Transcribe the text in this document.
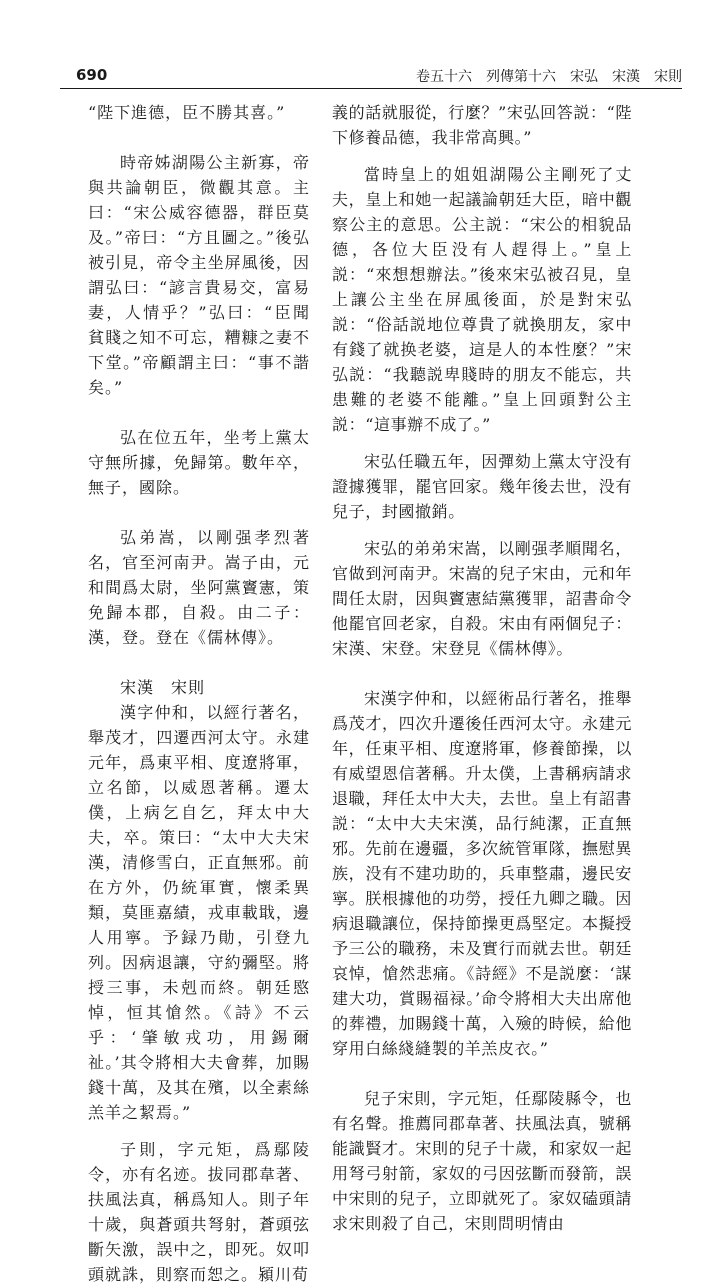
690	卷五十六　列傳第十六　宋弘　宋漢　宋則

“陛下進德，臣不勝其喜。”

時帝姊湖陽公主新寡，帝與共論朝臣，微觀其意。主曰：“宋公威容德器，群臣莫及。”帝曰：“方且圖之。”後弘被引見，帝令主坐屏風後，因謂弘曰：“諺言貴易交，富易妻，人情乎？”弘曰：“臣聞貧賤之知不可忘，糟糠之妻不下堂。”帝顧謂主曰：“事不諧矣。”

弘在位五年，坐考上黨太守無所據，免歸第。數年卒，無子，國除。

弘弟嵩，以剛强孝烈著名，官至河南尹。嵩子由，元和間爲太尉，坐阿黨竇憲，策免歸本郡，自殺。由二子：漢，登。登在《儒林傳》。

宋漢　宋則

漢字仲和，以經行著名，舉茂才，四遷西河太守。永建元年，爲東平相、度遼將軍，立名節，以威恩著稱。遷太僕，上病乞自乞，拜太中大夫，卒。策曰：“太中大夫宋漢，清修雪白，正直無邪。前在方外，仍統軍實，懷柔異類，莫匪嘉績，戎車載戢，邊人用寧。予録乃勛，引登九列。因病退讓，守約彌堅。將授三事，未剋而終。朝廷愍悼，恒其愴然。《詩》不云乎：‘肇敏戎功，用錫爾祉。’其令將相大夫會葬，加賜錢十萬，及其在殯，以全素絲羔羊之絜焉。”

子則，字元矩，爲鄢陵令，亦有名迹。拔同郡韋著、扶風法真，稱爲知人。則子年十歲，與蒼頭共弩射，蒼頭弦斷矢激，誤中之，即死。奴叩頭就誅，則察而恕之。潁川荀

義的話就服從，行麼？”宋弘回答説：“陛下修養品德，我非常高興。”

當時皇上的姐姐湖陽公主剛死了丈夫，皇上和她一起議論朝廷大臣，暗中觀察公主的意思。公主説：“宋公的相貌品德，各位大臣没有人趕得上。”皇上説：“來想想辦法。”後來宋弘被召見，皇上讓公主坐在屏風後面，於是對宋弘説：“俗話説地位尊貴了就換朋友，家中有錢了就换老婆，這是人的本性麼？”宋弘説：“我聽説卑賤時的朋友不能忘，共患難的老婆不能離。”皇上回頭對公主説：“這事辦不成了。”

宋弘任職五年，因彈劾上黨太守没有證據獲罪，罷官回家。幾年後去世，没有兒子，封國撤銷。

宋弘的弟弟宋嵩，以剛强孝順聞名，官做到河南尹。宋嵩的兒子宋由，元和年間任太尉，因與竇憲結黨獲罪，詔書命令他罷官回老家，自殺。宋由有兩個兒子：宋漢、宋登。宋登見《儒林傳》。

宋漢字仲和，以經術品行著名，推舉爲茂才，四次升遷後任西河太守。永建元年，任東平相、度遼將軍，修養節操，以有威望恩信著稱。升太僕，上書稱病請求退職，拜任太中大夫，去世。皇上有詔書説：“太中大夫宋漢，品行純潔，正直無邪。先前在邊疆，多次統管軍隊，撫慰異族，没有不建功助的，兵車整肅，邊民安寧。朕根據他的功勞，授任九卿之職。因病退職讓位，保持節操更爲堅定。本擬授予三公的職務，未及實行而就去世。朝廷哀悼，愴然悲痛。《詩經》不是説麼：‘謀建大功，賞賜福禄。’命令將相大夫出席他的葬禮，加賜錢十萬，入殮的時候，給他穿用白絲綫縫製的羊羔皮衣。”

兒子宋則，字元矩，任鄢陵縣令，也有名聲。推薦同郡韋著、扶風法真，號稱能識賢才。宋則的兒子十歲，和家奴一起用弩弓射箭，家奴的弓因弦斷而發箭，誤中宋則的兒子，立即就死了。家奴磕頭請求宋則殺了自己，宋則問明情由
